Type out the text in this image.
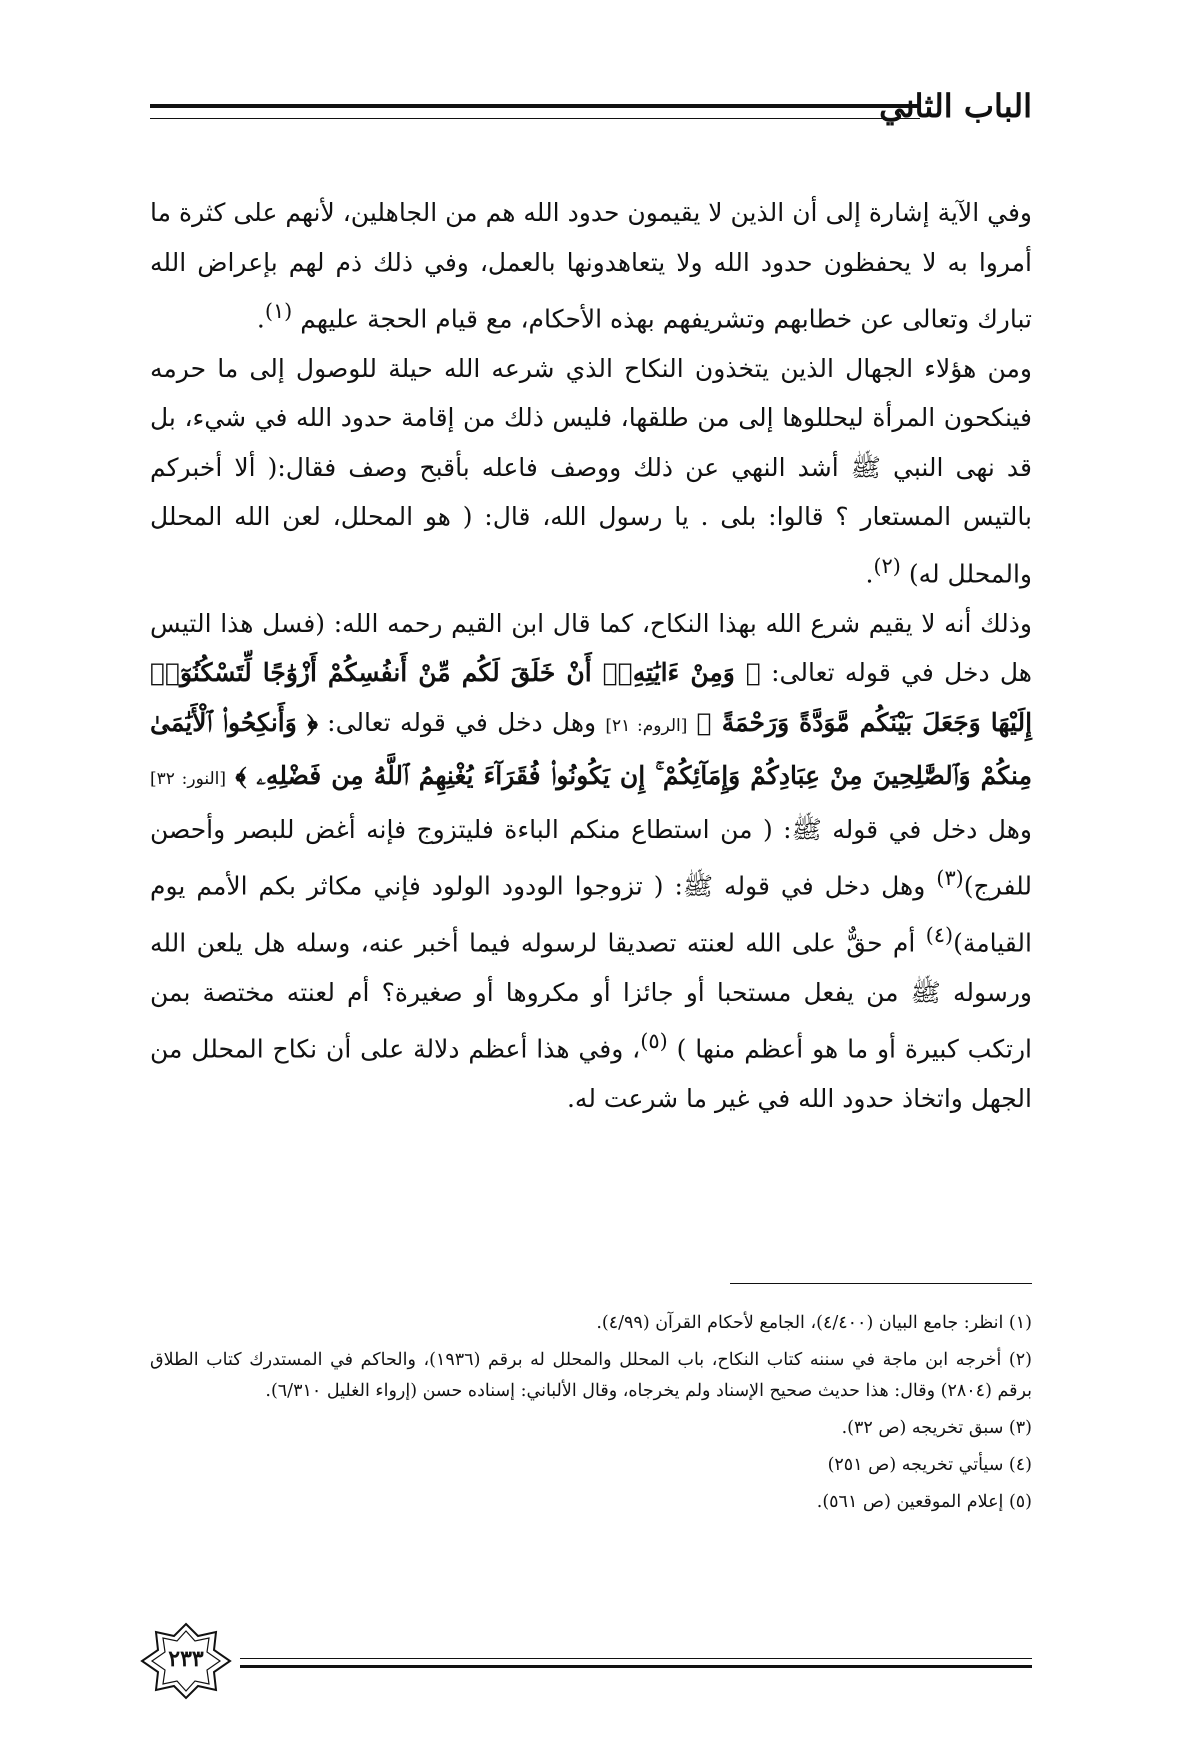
الباب الثاني

وفي الآية إشارة إلى أن الذين لا يقيمون حدود الله هم من الجاهلين، لأنهم على كثرة ما أمروا به لا يحفظون حدود الله ولا يتعاهدونها بالعمل، وفي ذلك ذم لهم بإعراض الله تبارك وتعالى عن خطابهم وتشريفهم بهذه الأحكام، مع قيام الحجة عليهم $^{(١)}$.

ومن هؤلاء الجهال الذين يتخذون النكاح الذي شرعه الله حيلة للوصول إلى ما حرمه فينكحون المرأة ليحللوها إلى من طلقها، فليس ذلك من إقامة حدود الله في شيء، بل قد نهى النبي ﷺ أشد النهي عن ذلك ووصف فاعله بأقبح وصف فقال:( ألا أخبركم بالتيس المستعار ؟ قالوا: بلى . يا رسول الله، قال: ( هو المحلل، لعن الله المحلل والمحلل له) $^{(٢)}$.

وذلك أنه لا يقيم شرع الله بهذا النكاح، كما قال ابن القيم رحمه الله: (فسل هذا التيس هل دخل في قوله تعالى: ﴿ وَمِنْ ءَايَٰتِهِۦٓ أَنْ خَلَقَ لَكُم مِّنْ أَنفُسِكُمْ أَزْوَٰجًا لِّتَسْكُنُوٓا۟ إِلَيْهَا وَجَعَلَ بَيْنَكُم مَّوَدَّةً وَرَحْمَةً ﴾ [الروم: ٢١] وهل دخل في قوله تعالى: ﴿ وَأَنكِحُوا۟ ٱلْأَيَٰمَىٰ مِنكُمْ وَٱلصَّٰلِحِينَ مِنْ عِبَادِكُمْ وَإِمَآئِكُمْ ۚ إِن يَكُونُوا۟ فُقَرَآءَ يُغْنِهِمُ ٱللَّهُ مِن فَضْلِهِۦ ﴾ [النور: ٣٢] وهل دخل في قوله ﷺ: ( من استطاع منكم الباءة فليتزوج فإنه أغض للبصر وأحصن للفرج)$^{(٣)}$ وهل دخل في قوله ﷺ: ( تزوجوا الودود الولود فإني مكاثر بكم الأمم يوم القيامة)$^{(٤)}$ أم حقٌّ على الله لعنته تصديقا لرسوله فيما أخبر عنه، وسله هل يلعن الله ورسوله ﷺ من يفعل مستحبا أو جائزا أو مكروها أو صغيرة؟ أم لعنته مختصة بمن ارتكب كبيرة أو ما هو أعظم منها ) $^{(٥)}$، وفي هذا أعظم دلالة على أن نكاح المحلل من الجهل واتخاذ حدود الله في غير ما شرعت له.

(١) انظر: جامع البيان (٤/٤٠٠)، الجامع لأحكام القرآن (٤/٩٩).

(٢) أخرجه ابن ماجة في سننه كتاب النكاح، باب المحلل والمحلل له برقم (١٩٣٦)، والحاكم في المستدرك كتاب الطلاق برقم (٢٨٠٤) وقال: هذا حديث صحيح الإسناد ولم يخرجاه، وقال الألباني: إسناده حسن (إرواء الغليل ٦/٣١٠).

(٣) سبق تخريجه (ص ٣٢).

(٤) سيأتي تخريجه (ص ٢٥١)

(٥) إعلام الموقعين (ص ٥٦١).

٢٣٣
